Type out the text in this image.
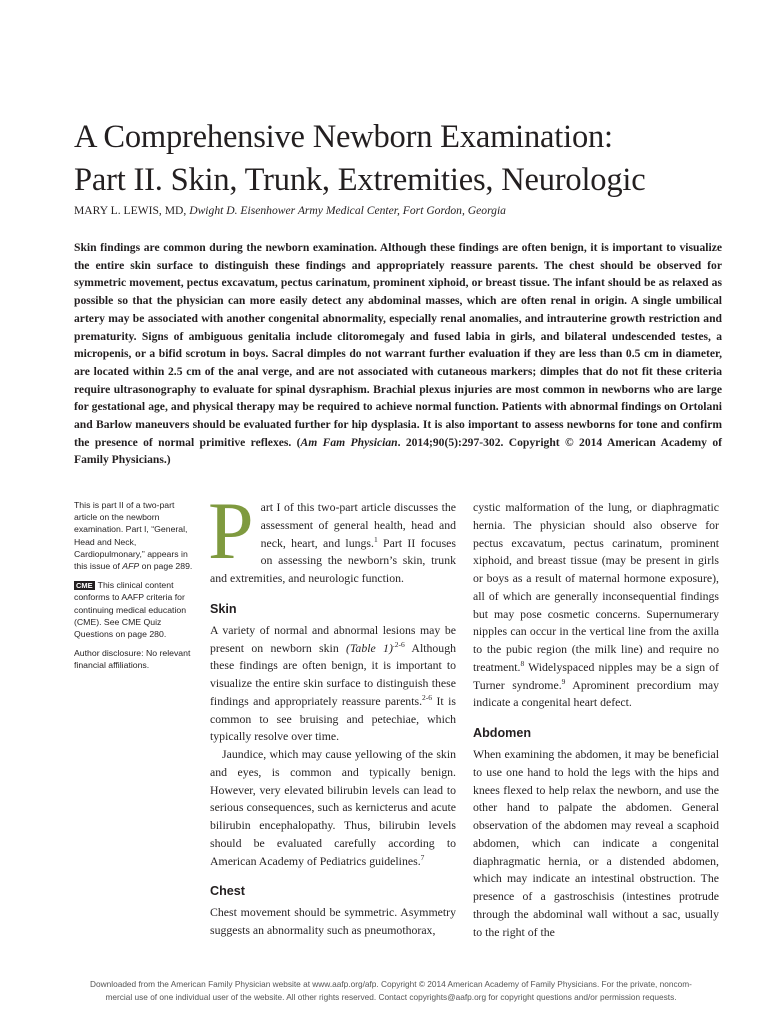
A Comprehensive Newborn Examination:
Part II. Skin, Trunk, Extremities, Neurologic
MARY L. LEWIS, MD, Dwight D. Eisenhower Army Medical Center, Fort Gordon, Georgia

Skin findings are common during the newborn examination. Although these findings are often benign, it is important to visualize the entire skin surface to distinguish these findings and appropriately reassure parents. The chest should be observed for symmetric movement, pectus excavatum, pectus carinatum, prominent xiphoid, or breast tissue. The infant should be as relaxed as possible so that the physician can more easily detect any abdominal masses, which are often renal in origin. A single umbilical artery may be associated with another congenital abnormality, especially renal anomalies, and intrauterine growth restriction and prematurity. Signs of ambiguous genitalia include clitoromegaly and fused labia in girls, and bilateral undescended testes, a micropenis, or a bifid scrotum in boys. Sacral dimples do not warrant further evaluation if they are less than 0.5 cm in diameter, are located within 2.5 cm of the anal verge, and are not associated with cutaneous markers; dimples that do not fit these criteria require ultrasonography to evaluate for spinal dysraphism. Brachial plexus injuries are most common in newborns who are large for gestational age, and physical therapy may be required to achieve normal function. Patients with abnormal findings on Ortolani and Barlow maneuvers should be evaluated further for hip dysplasia. It is also important to assess newborns for tone and confirm the presence of normal primitive reflexes. (Am Fam Physician. 2014;90(5):297-302. Copyright © 2014 American Academy of Family Physicians.)

This is part II of a two-part article on the newborn examination. Part I, “General, Head and Neck, Cardiopulmonary,” appears in this issue of AFP on page 289.

CME This clinical content conforms to AAFP criteria for continuing medical education (CME). See CME Quiz Questions on page 280.

Author disclosure: No relevant financial affiliations.

Part I of this two-part article discusses the assessment of general health, head and neck, heart, and lungs.$^1$ Part II focuses on assessing the newborn’s skin, trunk and extremities, and neurologic function.

Skin

A variety of normal and abnormal lesions may be present on newborn skin (Table 1)$^{.2-6}$ Although these findings are often benign, it is important to visualize the entire skin surface to distinguish these findings and appropriately reassure parents.$^{2-6}$ It is common to see bruising and petechiae, which typically resolve over time.

Jaundice, which may cause yellowing of the skin and eyes, is common and typically benign. However, very elevated bilirubin levels can lead to serious consequences, such as kernicterus and acute bilirubin encephalopathy. Thus, bilirubin levels should be evaluated carefully according to American Academy of Pediatrics guidelines.$^7$

Chest

Chest movement should be symmetric. Asymmetry suggests an abnormality such as pneumothorax,

cystic malformation of the lung, or diaphragmatic hernia. The physician should also observe for pectus excavatum, pectus carinatum, prominent xiphoid, and breast tissue (may be present in girls or boys as a result of maternal hormone exposure), all of which are generally inconsequential findings but may pose cosmetic concerns. Supernumerary nipples can occur in the vertical line from the axilla to the pubic region (the milk line) and require no treatment.$^8$ Widelyspaced nipples may be a sign of Turner syndrome.$^9$ Aprominent precordium may indicate a congenital heart defect.

Abdomen

When examining the abdomen, it may be beneficial to use one hand to hold the legs with the hips and knees flexed to help relax the newborn, and use the other hand to palpate the abdomen. General observation of the abdomen may reveal a scaphoid abdomen, which can indicate a congenital diaphragmatic hernia, or a distended abdomen, which may indicate an intestinal obstruction. The presence of a gastroschisis (intestines protrude through the abdominal wall without a sac, usually to the right of the

Downloaded from the American Family Physician website at www.aafp.org/afp. Copyright © 2014 American Academy of Family Physicians. For the private, noncom-
mercial use of one individual user of the website. All other rights reserved. Contact copyrights@aafp.org for copyright questions and/or permission requests.
